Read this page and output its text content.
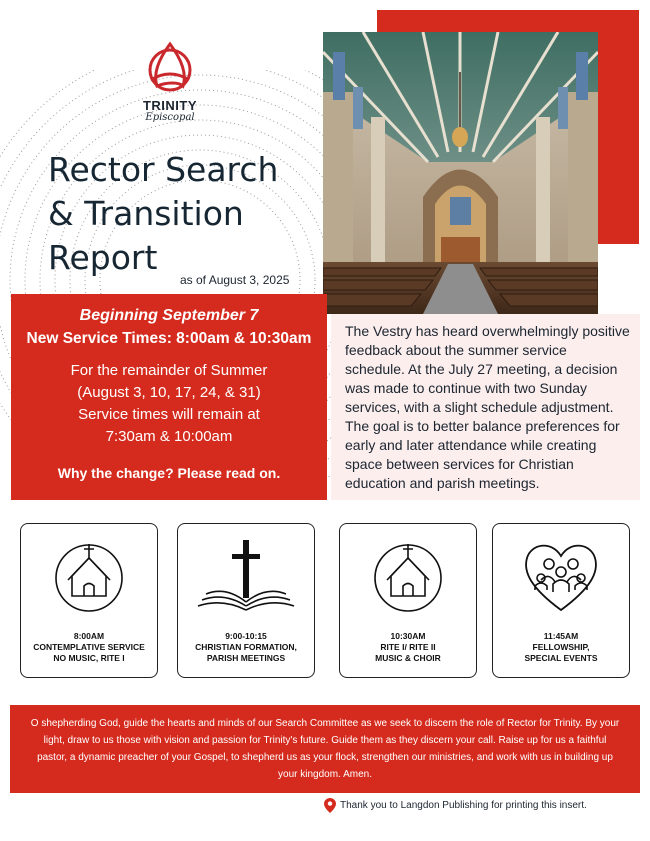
TRINITY
Episcopal
Rector Search
& Transition
Report
as of August 3, 2025
Beginning September 7
New Service Times: 8:00am & 10:30am
For the remainder of Summer
(August 3, 10, 17, 24, & 31)
Service times will remain at
7:30am & 10:00am
Why the change? Please read on.
The Vestry has heard overwhelmingly positive feedback about the summer service schedule. At the July 27 meeting, a decision was made to continue with two Sunday services, with a slight schedule adjustment. The goal is to better balance preferences for early and later attendance while creating space between services for Christian education and parish meetings.
8:00AM
CONTEMPLATIVE SERVICE
NO MUSIC, RITE I
9:00-10:15
CHRISTIAN FORMATION,
PARISH MEETINGS
10:30AM
RITE I/ RITE II
MUSIC & CHOIR
11:45AM
FELLOWSHIP,
SPECIAL EVENTS
O shepherding God, guide the hearts and minds of our Search Committee as we seek to discern the role of Rector for Trinity. By your light, draw to us those with vision and passion for Trinity's future. Guide them as they discern your call. Raise up for us a faithful pastor, a dynamic preacher of your Gospel, to shepherd us as your flock, strengthen our ministries, and work with us in building up your kingdom. Amen.
Thank you to Langdon Publishing for printing this insert.
